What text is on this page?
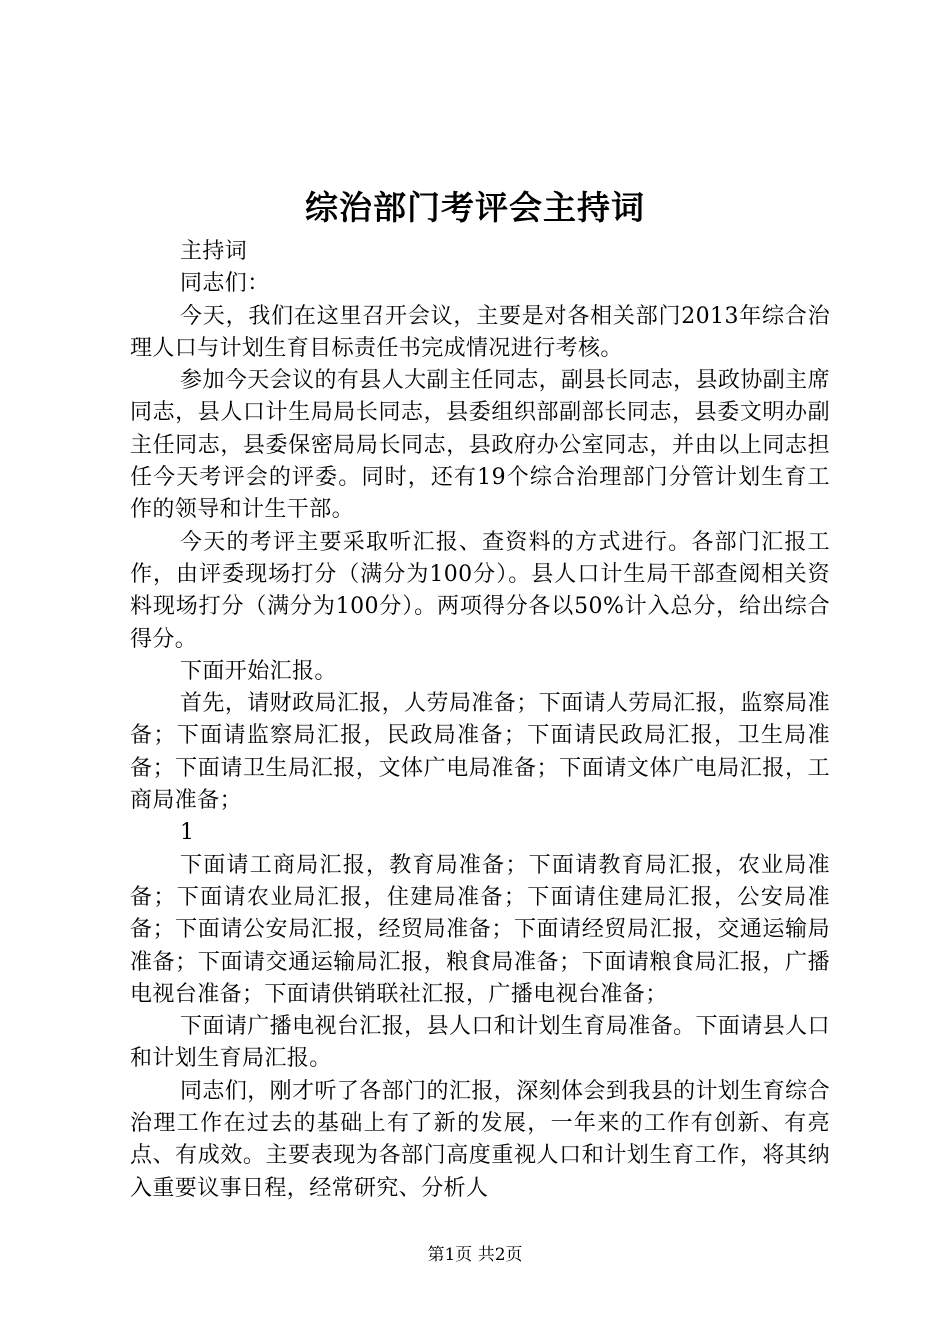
综治部门考评会主持词

主持词

同志们：

今天，我们在这里召开会议，主要是对各相关部门2013年综合治理人口与计划生育目标责任书完成情况进行考核。

参加今天会议的有县人大副主任同志，副县长同志，县政协副主席同志，县人口计生局局长同志，县委组织部副部长同志，县委文明办副主任同志，县委保密局局长同志，县政府办公室同志，并由以上同志担任今天考评会的评委。同时，还有19个综合治理部门分管计划生育工作的领导和计生干部。

今天的考评主要采取听汇报、查资料的方式进行。各部门汇报工作，由评委现场打分（满分为100分）。县人口计生局干部查阅相关资料现场打分（满分为100分）。两项得分各以50%计入总分，给出综合得分。

下面开始汇报。

首先，请财政局汇报，人劳局准备；下面请人劳局汇报，监察局准备；下面请监察局汇报，民政局准备；下面请民政局汇报，卫生局准备；下面请卫生局汇报，文体广电局准备；下面请文体广电局汇报，工商局准备；

1

下面请工商局汇报，教育局准备；下面请教育局汇报，农业局准备；下面请农业局汇报，住建局准备；下面请住建局汇报，公安局准备；下面请公安局汇报，经贸局准备；下面请经贸局汇报，交通运输局准备；下面请交通运输局汇报，粮食局准备；下面请粮食局汇报，广播电视台准备；下面请供销联社汇报，广播电视台准备；

下面请广播电视台汇报，县人口和计划生育局准备。下面请县人口和计划生育局汇报。

同志们，刚才听了各部门的汇报，深刻体会到我县的计划生育综合治理工作在过去的基础上有了新的发展，一年来的工作有创新、有亮点、有成效。主要表现为各部门高度重视人口和计划生育工作，将其纳入重要议事日程，经常研究、分析人

第1页 共2页
